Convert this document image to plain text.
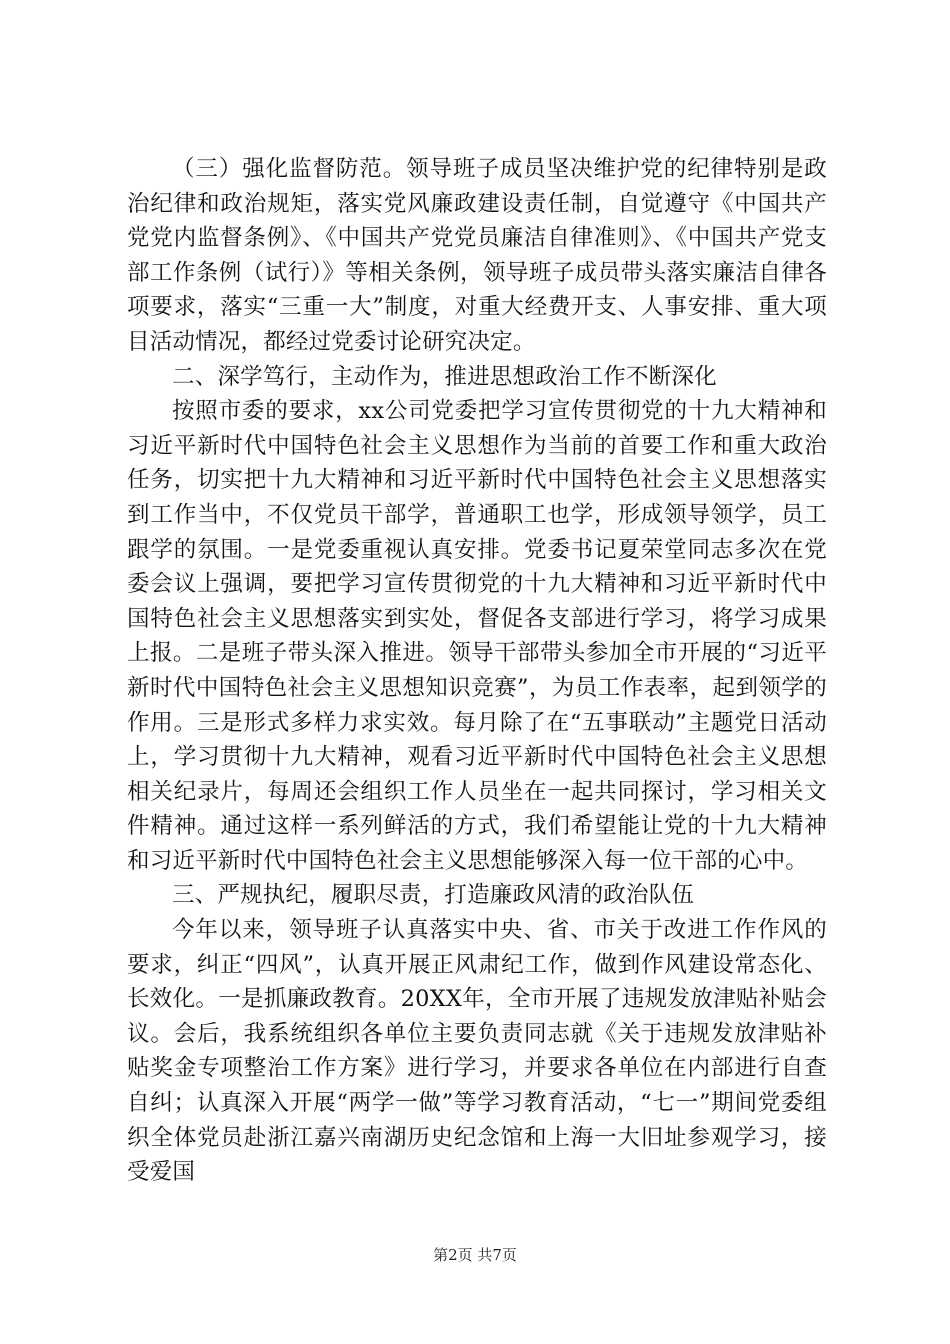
（三）强化监督防范。领导班子成员坚决维护党的纪律特别是政治纪律和政治规矩，落实党风廉政建设责任制，自觉遵守《中国共产党党内监督条例》、《中国共产党党员廉洁自律准则》、《中国共产党支部工作条例（试行）》等相关条例，领导班子成员带头落实廉洁自律各项要求，落实“三重一大”制度，对重大经费开支、人事安排、重大项目活动情况，都经过党委讨论研究决定。

二、深学笃行，主动作为，推进思想政治工作不断深化

按照市委的要求，xx公司党委把学习宣传贯彻党的十九大精神和习近平新时代中国特色社会主义思想作为当前的首要工作和重大政治任务，切实把十九大精神和习近平新时代中国特色社会主义思想落实到工作当中，不仅党员干部学，普通职工也学，形成领导领学，员工跟学的氛围。一是党委重视认真安排。党委书记夏荣堂同志多次在党委会议上强调，要把学习宣传贯彻党的十九大精神和习近平新时代中国特色社会主义思想落实到实处，督促各支部进行学习，将学习成果上报。二是班子带头深入推进。领导干部带头参加全市开展的“习近平新时代中国特色社会主义思想知识竞赛”，为员工作表率，起到领学的作用。三是形式多样力求实效。每月除了在“五事联动”主题党日活动上，学习贯彻十九大精神，观看习近平新时代中国特色社会主义思想相关纪录片，每周还会组织工作人员坐在一起共同探讨，学习相关文件精神。通过这样一系列鲜活的方式，我们希望能让党的十九大精神和习近平新时代中国特色社会主义思想能够深入每一位干部的心中。

三、严规执纪，履职尽责，打造廉政风清的政治队伍

今年以来，领导班子认真落实中央、省、市关于改进工作作风的要求，纠正“四风”，认真开展正风肃纪工作，做到作风建设常态化、长效化。一是抓廉政教育。20XX年，全市开展了违规发放津贴补贴会议。会后，我系统组织各单位主要负责同志就《关于违规发放津贴补贴奖金专项整治工作方案》进行学习，并要求各单位在内部进行自查自纠；认真深入开展“两学一做”等学习教育活动，“七一”期间党委组织全体党员赴浙江嘉兴南湖历史纪念馆和上海一大旧址参观学习，接受爱国

第2页 共7页
